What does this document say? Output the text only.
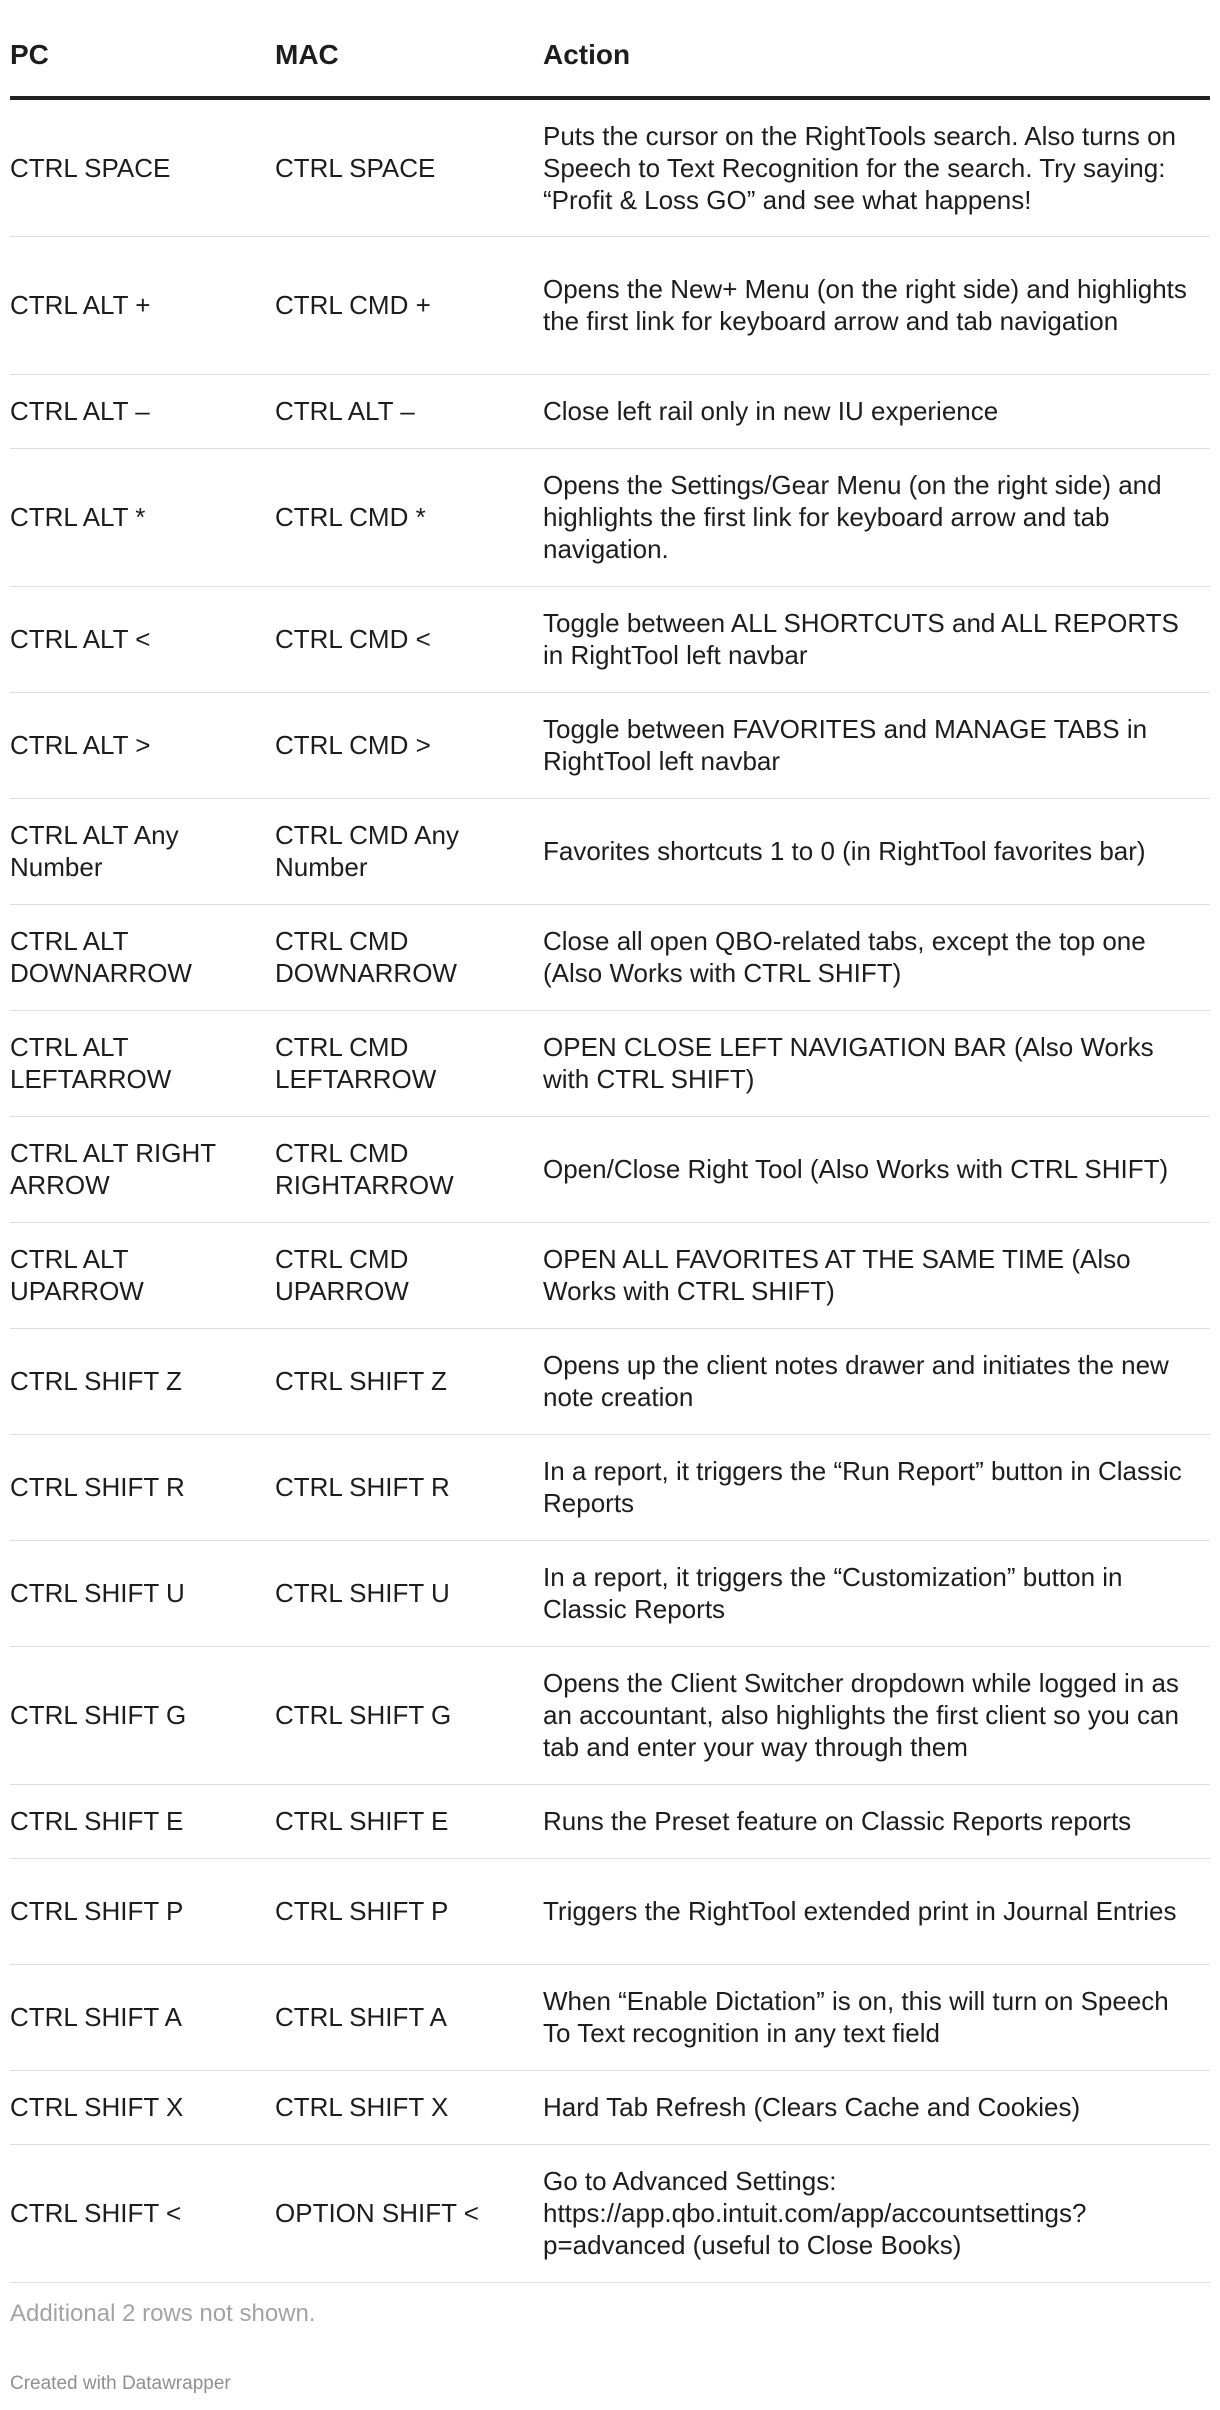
PC	MAC	Action
CTRL SPACE	CTRL SPACE	Puts the cursor on the RightTools search. Also turns on Speech to Text Recognition for the search. Try saying: “Profit & Loss GO” and see what happens!
CTRL ALT +	CTRL CMD +	Opens the New+ Menu (on the right side) and highlights the first link for keyboard arrow and tab navigation
CTRL ALT –	CTRL ALT –	Close left rail only in new IU experience
CTRL ALT *	CTRL CMD *	Opens the Settings/Gear Menu (on the right side) and highlights the first link for keyboard arrow and tab navigation.
CTRL ALT <	CTRL CMD <	Toggle between ALL SHORTCUTS and ALL REPORTS in RightTool left navbar
CTRL ALT >	CTRL CMD >	Toggle between FAVORITES and MANAGE TABS in RightTool left navbar
CTRL ALT Any Number	CTRL CMD Any Number	Favorites shortcuts 1 to 0 (in RightTool favorites bar)
CTRL ALT DOWNARROW	CTRL CMD DOWNARROW	Close all open QBO-related tabs, except the top one (Also Works with CTRL SHIFT)
CTRL ALT LEFTARROW	CTRL CMD LEFTARROW	OPEN CLOSE LEFT NAVIGATION BAR (Also Works with CTRL SHIFT)
CTRL ALT RIGHT ARROW	CTRL CMD RIGHTARROW	Open/Close Right Tool (Also Works with CTRL SHIFT)
CTRL ALT UPARROW	CTRL CMD UPARROW	OPEN ALL FAVORITES AT THE SAME TIME (Also Works with CTRL SHIFT)
CTRL SHIFT Z	CTRL SHIFT Z	Opens up the client notes drawer and initiates the new note creation
CTRL SHIFT R	CTRL SHIFT R	In a report, it triggers the “Run Report” button in Classic Reports
CTRL SHIFT U	CTRL SHIFT U	In a report, it triggers the “Customization” button in Classic Reports
CTRL SHIFT G	CTRL SHIFT G	Opens the Client Switcher dropdown while logged in as an accountant, also highlights the first client so you can tab and enter your way through them
CTRL SHIFT E	CTRL SHIFT E	Runs the Preset feature on Classic Reports reports
CTRL SHIFT P	CTRL SHIFT P	Triggers the RightTool extended print in Journal Entries
CTRL SHIFT A	CTRL SHIFT A	When “Enable Dictation” is on, this will turn on Speech To Text recognition in any text field
CTRL SHIFT X	CTRL SHIFT X	Hard Tab Refresh (Clears Cache and Cookies)
CTRL SHIFT <	OPTION SHIFT <	Go to Advanced Settings: https://app.qbo.intuit.com/app/accountsettings?p=advanced (useful to Close Books)
Additional 2 rows not shown.
Created with Datawrapper
